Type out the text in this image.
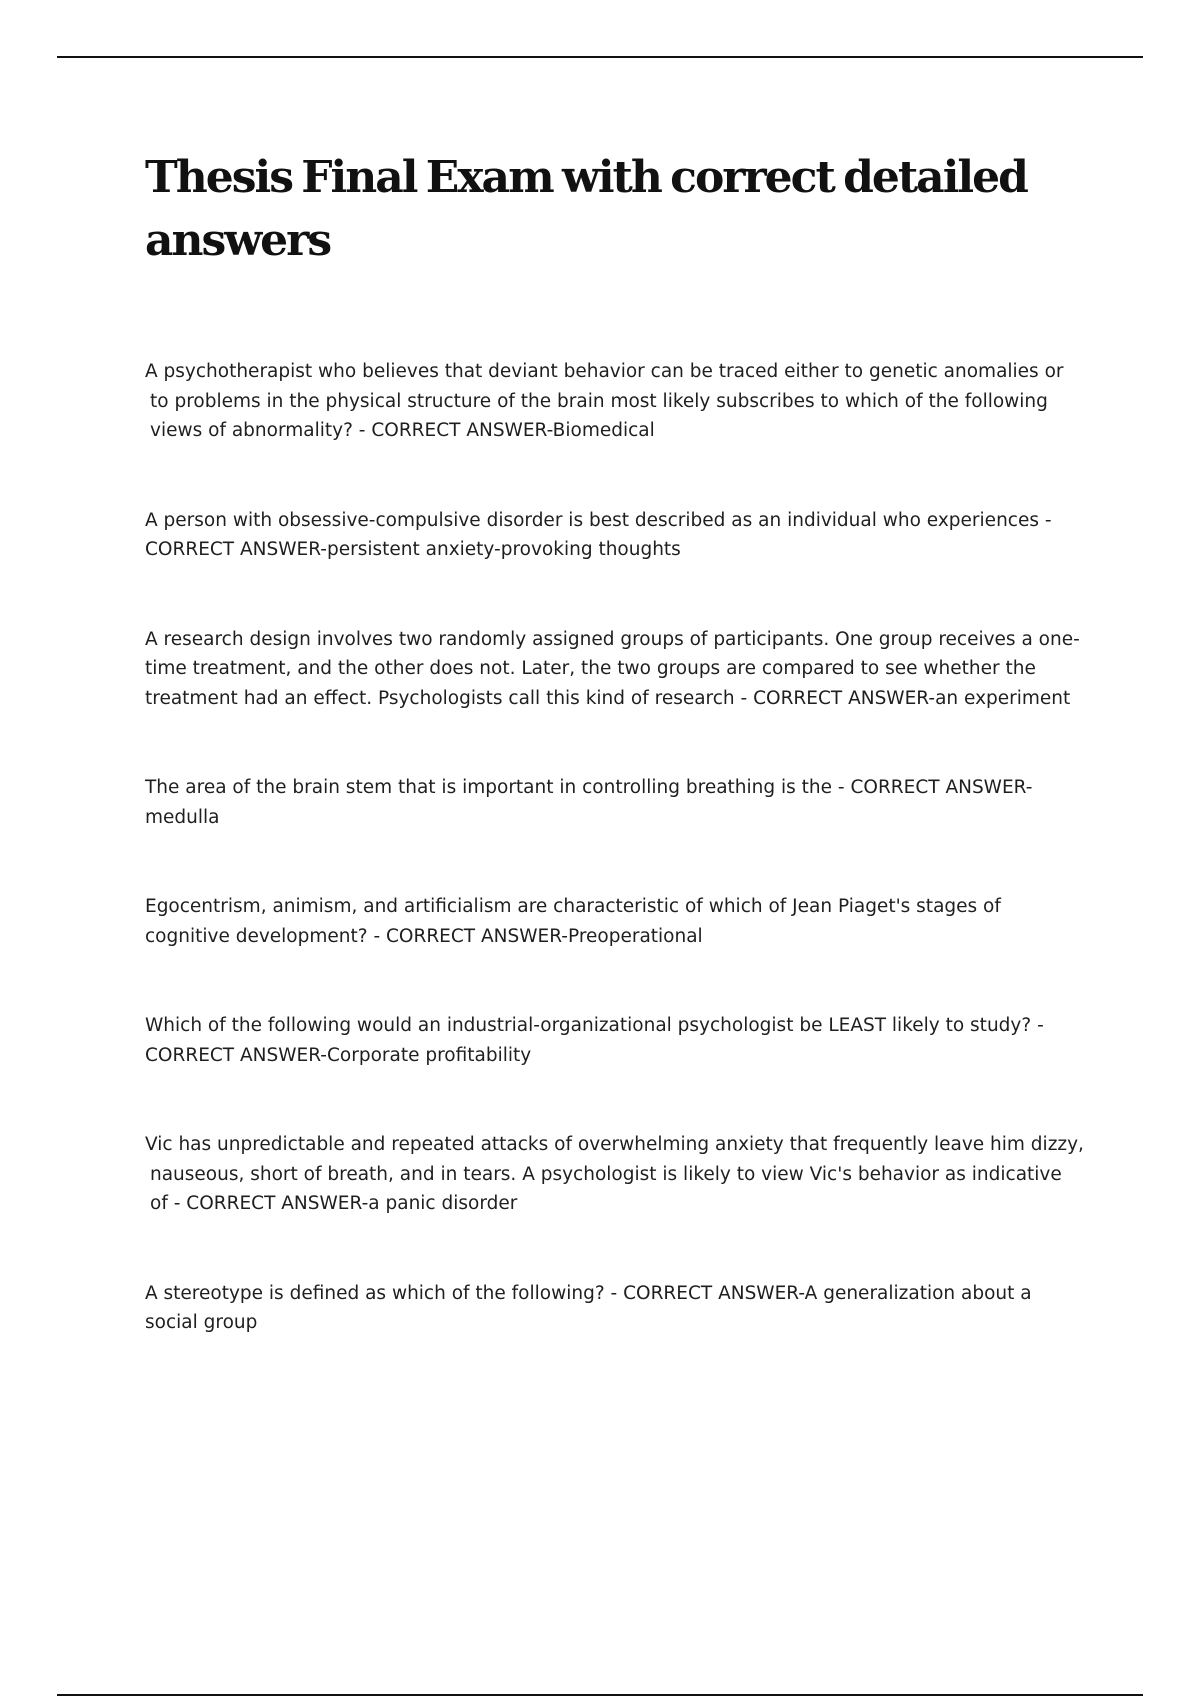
Thesis Final Exam with correct detailed answers
A psychotherapist who believes that deviant behavior can be traced either to genetic anomalies or to problems in the physical structure of the brain most likely subscribes to which of the following views of abnormality? - CORRECT ANSWER-Biomedical
A person with obsessive-compulsive disorder is best described as an individual who experiences - CORRECT ANSWER-persistent anxiety-provoking thoughts
A research design involves two randomly assigned groups of participants. One group receives a one-time treatment, and the other does not. Later, the two groups are compared to see whether the treatment had an effect. Psychologists call this kind of research - CORRECT ANSWER-an experiment
The area of the brain stem that is important in controlling breathing is the - CORRECT ANSWER-medulla
Egocentrism, animism, and artificialism are characteristic of which of Jean Piaget's stages of cognitive development? - CORRECT ANSWER-Preoperational
Which of the following would an industrial-organizational psychologist be LEAST likely to study? - CORRECT ANSWER-Corporate profitability
Vic has unpredictable and repeated attacks of overwhelming anxiety that frequently leave him dizzy, nauseous, short of breath, and in tears. A psychologist is likely to view Vic's behavior as indicative of - CORRECT ANSWER-a panic disorder
A stereotype is defined as which of the following? - CORRECT ANSWER-A generalization about a social group
